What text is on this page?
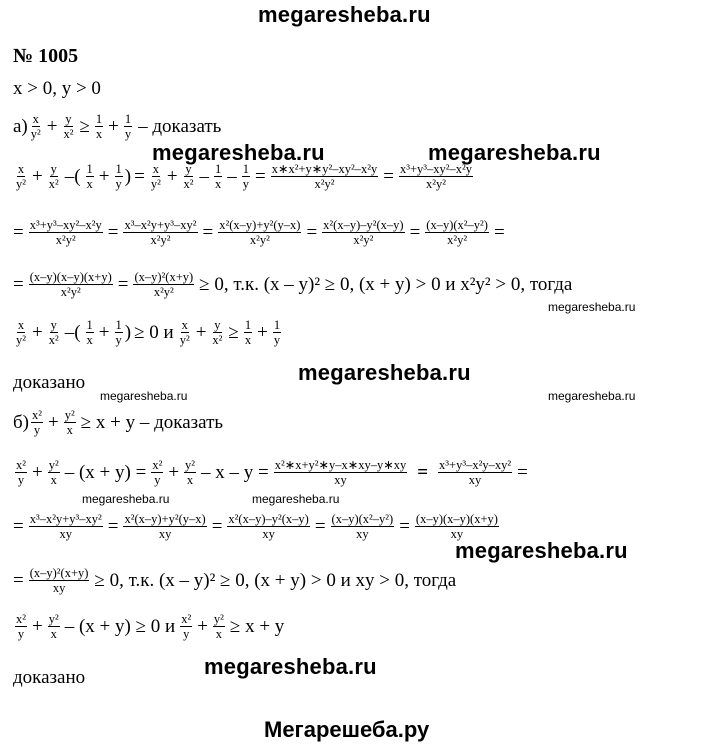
megaresheba.ru
№ 1005
x > 0, y > 0
$а) \frac{x}{\text{y²}} + \frac{y}{\text{x²}} \ge \frac{1}{x} + \frac{1}{y}$ – доказать
megaresheba.ru	megaresheba.ru
$\frac{x}{\text{y²}} + \frac{y}{\text{x²}}$ –( $\frac{1}{x} + \frac{1}{y}$ ) = $\frac{x}{\text{y²}} + \frac{y}{\text{x²}} - \frac{1}{x} - \frac{1}{y} = \frac{\text{x∗x²+y∗y²–xy²–x²y}}{\text{x²y²}} = \frac{\text{x³+y³–xy²–x²y}}{\text{x²y²}}$
= $\frac{\text{x³+y³–xy²–x²y}}{\text{x²y²}} = \frac{\text{x³–x²y+y³–xy²}}{\text{x²y²}} = \frac{\text{x²(x–y)+y²(y–x)}}{\text{x²y²}} = \frac{\text{x²(x–y)–y²(x–y)}}{\text{x²y²}} = \frac{\text{(x–y)(x²–y²)}}{\text{x²y²}}$ =
= $\frac{(x-y)(x-y)(x+y)}{\text{x²y²}} = \frac{\text{(x–y)²(x+y)}}{\text{x²y²}} \ge 0$, т.к. (x – y)² ≥ 0, (x + y) > 0 и x²y² > 0, тогда
megaresheba.ru
$\frac{x}{\text{y²}} + \frac{y}{\text{x²}}$ –( $\frac{1}{x} + \frac{1}{y}$ ) ≥ 0 и $\frac{x}{\text{y²}} + \frac{y}{\text{x²}} \ge \frac{1}{x} + \frac{1}{y}$
доказано	megaresheba.ru
megaresheba.ru	megaresheba.ru
$б) \frac{\text{x²}}{y} + \frac{\text{y²}}{x} \ge x + y$ – доказать
$\frac{\text{x²}}{y} + \frac{\text{y²}}{x} - (x + y) = \frac{\text{x²}}{y} + \frac{\text{y²}}{x} - x - y = \frac{\text{x²∗x+y²∗y–x∗xy–y∗xy}}{xy} = \frac{\text{x³+y³–x²y–xy²}}{xy}$ =
megaresheba.ru	megaresheba.ru
= $\frac{\text{x³–x²y+y³–xy²}}{xy} = \frac{\text{x²(x–y)+y²(y–x)}}{xy} = \frac{\text{x²(x–y)–y²(x–y)}}{xy} = \frac{\text{(x–y)(x²–y²)}}{xy} = \frac{(x-y)(x-y)(x+y)}{xy}$
megaresheba.ru
= $\frac{\text{(x–y)²(x+y)}}{xy} \ge 0$, т.к. (x – y)² ≥ 0, (x + y) > 0 и xy > 0, тогда
$\frac{\text{x²}}{y} + \frac{\text{y²}}{x} - (x + y) \ge 0$ и $\frac{\text{x²}}{y} + \frac{\text{y²}}{x} \ge x + y$
megaresheba.ru
доказано
Мегарешеба.ру
